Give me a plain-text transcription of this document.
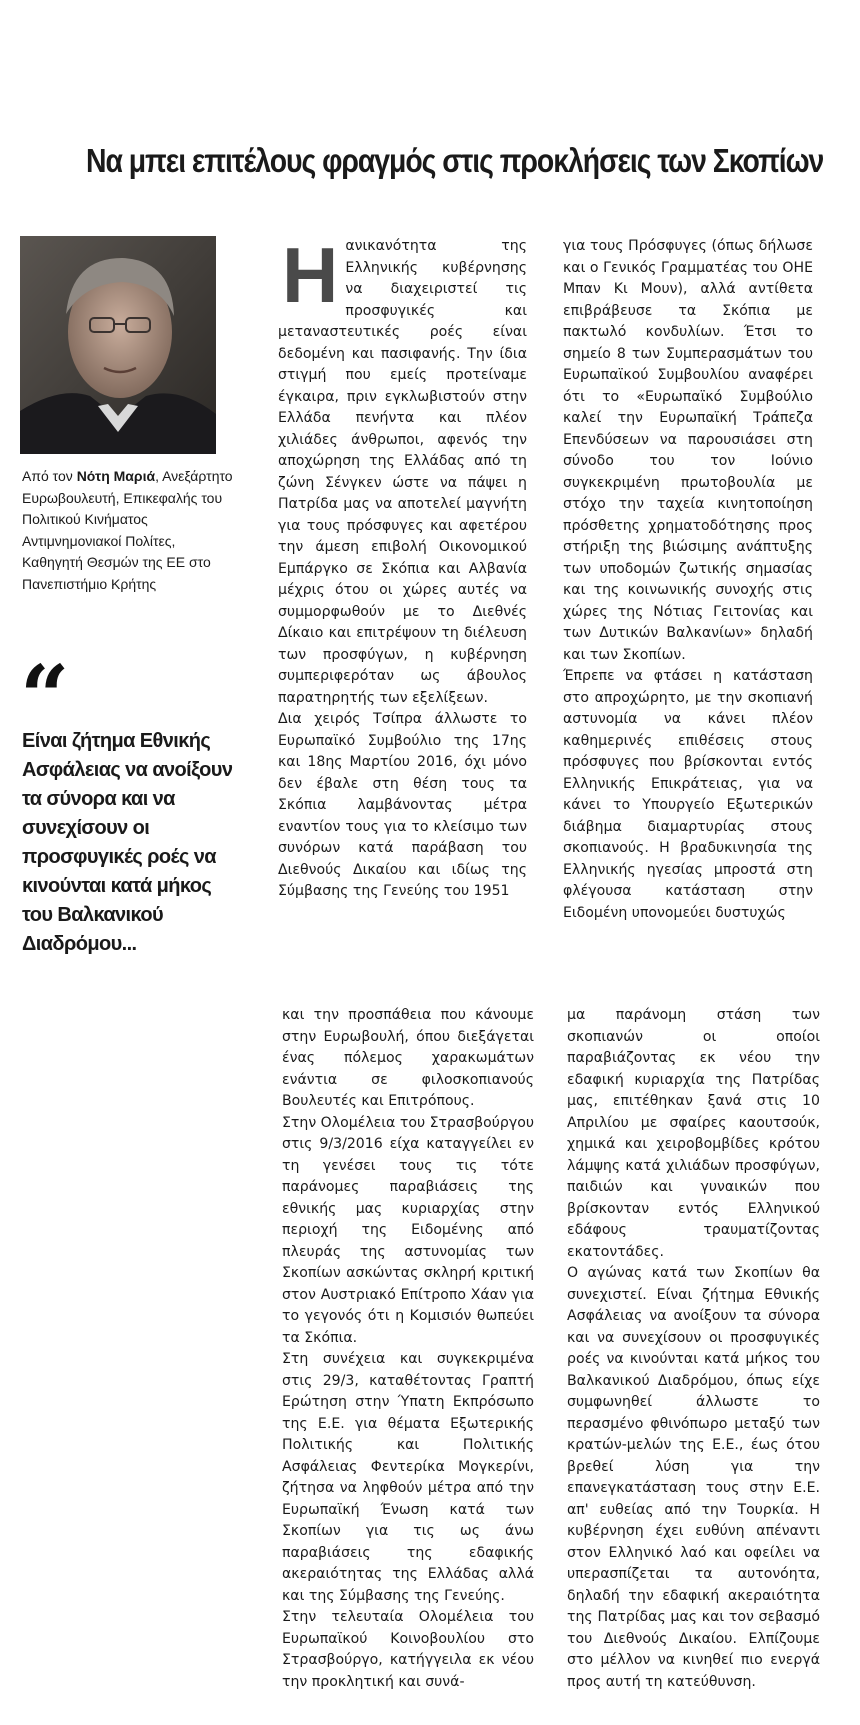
Να μπει επιτέλους φραγμός στις προκλήσεις των Σκοπίων
Από τον Νότη Μαριά, Ανεξάρτητο Ευρωβουλευτή, Επικεφαλής του Πολιτικού Κινήματος Αντιμνημονιακοί Πολίτες, Καθηγητή Θεσμών της ΕΕ στο Πανεπιστήμιο Κρήτης
“
Είναι ζήτημα Εθνικής Ασφάλειας να ανοίξουν τα σύνορα και να συνεχίσουν οι προσφυγικές ροές να κινούνται κατά μήκος του Βαλκανικού Διαδρόμου...

Ηανικανότητα της Ελληνικής κυβέρνησης να διαχειριστεί τις προσφυγικές και μεταναστευτικές ροές είναι δεδομένη και πασιφανής. Την ίδια στιγμή που εμείς προτείναμε έγκαιρα, πριν εγκλωβιστούν στην Ελλάδα πενήντα και πλέον χιλιάδες άνθρωποι, αφενός την αποχώρηση της Ελλάδας από τη ζώνη Σένγκεν ώστε να πάψει η Πατρίδα μας να αποτελεί μαγνήτη για τους πρόσφυγες και αφετέρου την άμεση επιβολή Οικονομικού Εμπάργκο σε Σκόπια και Αλβανία μέχρις ότου οι χώρες αυτές να συμμορφωθούν με το Διεθνές Δίκαιο και επιτρέψουν τη διέλευση των προσφύγων, η κυβέρνηση συμπεριφερόταν ως άβουλος παρατηρητής των εξελίξεων.

Δια χειρός Τσίπρα άλλωστε το Ευρωπαϊκό Συμβούλιο της 17ης και 18ης Μαρτίου 2016, όχι μόνο δεν έβαλε στη θέση τους τα Σκόπια λαμβάνοντας μέτρα εναντίον τους για το κλείσιμο των συνόρων κατά παράβαση του Διεθνούς Δικαίου και ιδίως της Σύμβασης της Γενεύης του 1951

για τους Πρόσφυγες (όπως δήλωσε και ο Γενικός Γραμματέας του ΟΗΕ Μπαν Κι Μουν), αλλά αντίθετα επιβράβευσε τα Σκόπια με πακτωλό κονδυλίων. Έτσι το σημείο 8 των Συμπερασμάτων του Ευρωπαϊκού Συμβουλίου αναφέρει ότι το «Ευρωπαϊκό Συμβούλιο καλεί την Ευρωπαϊκή Τράπεζα Επενδύσεων να παρουσιάσει στη σύνοδο του τον Ιούνιο συγκεκριμένη πρωτοβουλία με στόχο την ταχεία κινητοποίηση πρόσθετης χρηματοδότησης προς στήριξη της βιώσιμης ανάπτυξης των υποδομών ζωτικής σημασίας και της κοινωνικής συνοχής στις χώρες της Νότιας Γειτονίας και των Δυτικών Βαλκανίων» δηλαδή και των Σκοπίων.

Έπρεπε να φτάσει η κατάσταση στο απροχώρητο, με την σκοπιανή αστυνομία να κάνει πλέον καθημερινές επιθέσεις στους πρόσφυγες που βρίσκονται εντός Ελληνικής Επικράτειας, για να κάνει το Υπουργείο Εξωτερικών διάβημα διαμαρτυρίας στους σκοπιανούς. Η βραδυκινησία της Ελληνικής ηγεσίας μπροστά στη φλέγουσα κατάσταση στην Ειδομένη υπονομεύει δυστυχώς

και την προσπάθεια που κάνουμε στην Ευρωβουλή, όπου διεξάγεται ένας πόλεμος χαρακωμάτων ενάντια σε φιλοσκοπιανούς Βουλευτές και Επιτρόπους.

Στην Ολομέλεια του Στρασβούργου στις 9/3/2016 είχα καταγγείλει εν τη γενέσει τους τις τότε παράνομες παραβιάσεις της εθνικής μας κυριαρχίας στην περιοχή της Ειδομένης από πλευράς της αστυνομίας των Σκοπίων ασκώντας σκληρή κριτική στον Αυστριακό Επίτροπο Χάαν για το γεγονός ότι η Κομισιόν θωπεύει τα Σκόπια.

Στη συνέχεια και συγκεκριμένα στις 29/3, καταθέτοντας Γραπτή Ερώτηση στην Ύπατη Εκπρόσωπο της Ε.Ε. για θέματα Εξωτερικής Πολιτικής και Πολιτικής Ασφάλειας Φεντερίκα Μογκερίνι, ζήτησα να ληφθούν μέτρα από την Ευρωπαϊκή Ένωση κατά των Σκοπίων για τις ως άνω παραβιάσεις της εδαφικής ακεραιότητας της Ελλάδας αλλά και της Σύμβασης της Γενεύης.

Στην τελευταία Ολομέλεια του Ευρωπαϊκού Κοινοβουλίου στο Στρασβούργο, κατήγγειλα εκ νέου την προκλητική και συνά-

μα παράνομη στάση των σκοπιανών οι οποίοι παραβιάζοντας εκ νέου την εδαφική κυριαρχία της Πατρίδας μας, επιτέθηκαν ξανά στις 10 Απριλίου με σφαίρες καουτσούκ, χημικά και χειροβομβίδες κρότου λάμψης κατά χιλιάδων προσφύγων, παιδιών και γυναικών που βρίσκονταν εντός Ελληνικού εδάφους τραυματίζοντας εκατοντάδες.

Ο αγώνας κατά των Σκοπίων θα συνεχιστεί. Είναι ζήτημα Εθνικής Ασφάλειας να ανοίξουν τα σύνορα και να συνεχίσουν οι προσφυγικές ροές να κινούνται κατά μήκος του Βαλκανικού Διαδρόμου, όπως είχε συμφωνηθεί άλλωστε το περασμένο φθινόπωρο μεταξύ των κρατών-μελών της Ε.Ε., έως ότου βρεθεί λύση για την επανεγκατάσταση τους στην Ε.Ε. απ' ευθείας από την Τουρκία. Η κυβέρνηση έχει ευθύνη απέναντι στον Ελληνικό λαό και οφείλει να υπερασπίζεται τα αυτονόητα, δηλαδή την εδαφική ακεραιότητα της Πατρίδας μας και τον σεβασμό του Διεθνούς Δικαίου. Ελπίζουμε στο μέλλον να κινηθεί πιο ενεργά προς αυτή τη κατεύθυνση.
